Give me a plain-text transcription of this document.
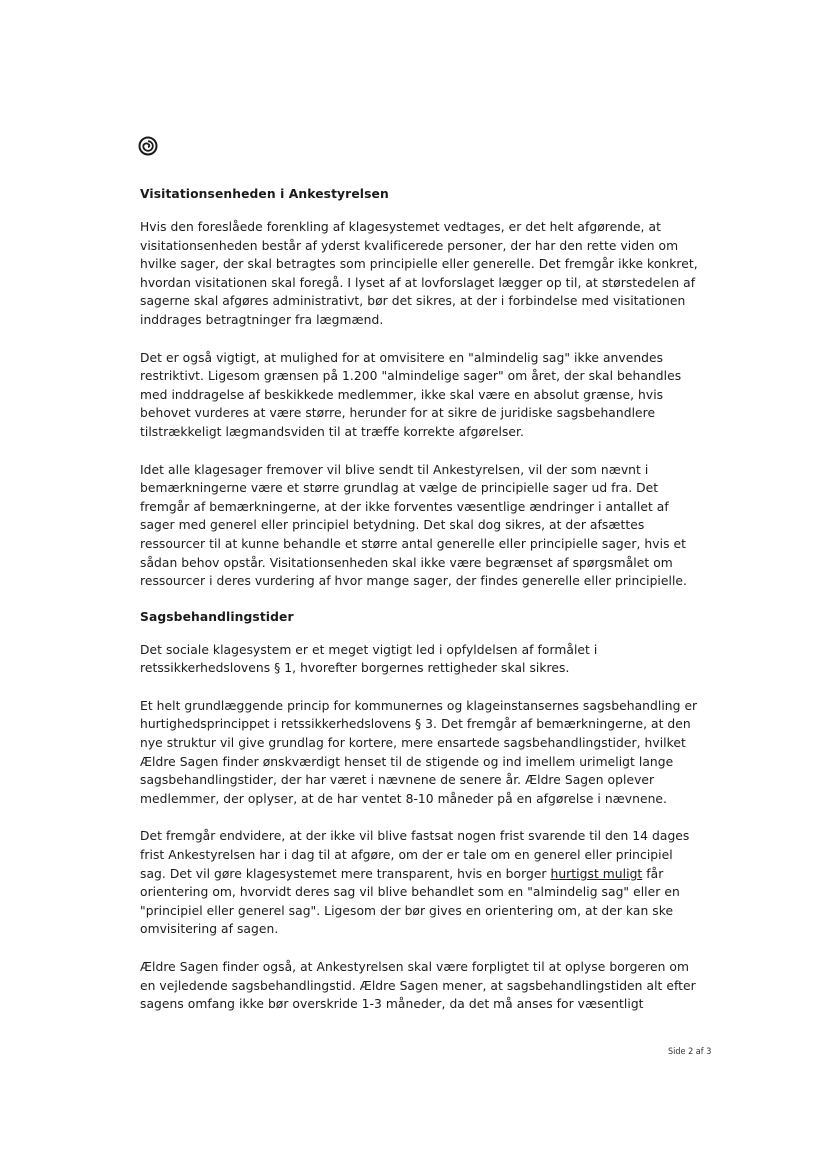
Visitationsenheden i Ankestyrelsen

Hvis den foreslåede forenkling af klagesystemet vedtages, er det helt afgørende, at visitationsenheden består af yderst kvalificerede personer, der har den rette viden om hvilke sager, der skal betragtes som principielle eller generelle. Det fremgår ikke konkret, hvordan visitationen skal foregå. I lyset af at lovforslaget lægger op til, at størstedelen af sagerne skal afgøres administrativt, bør det sikres, at der i forbindelse med visitationen inddrages betragtninger fra lægmænd.

Det er også vigtigt, at mulighed for at omvisitere en "almindelig sag" ikke anvendes restriktivt. Ligesom grænsen på 1.200 "almindelige sager" om året, der skal behandles med inddragelse af beskikkede medlemmer, ikke skal være en absolut grænse, hvis behovet vurderes at være større, herunder for at sikre de juridiske sagsbehandlere tilstrækkeligt lægmandsviden til at træffe korrekte afgørelser.

Idet alle klagesager fremover vil blive sendt til Ankestyrelsen, vil der som nævnt i bemærkningerne være et større grundlag at vælge de principielle sager ud fra. Det fremgår af bemærkningerne, at der ikke forventes væsentlige ændringer i antallet af sager med generel eller principiel betydning. Det skal dog sikres, at der afsættes ressourcer til at kunne behandle et større antal generelle eller principielle sager, hvis et sådan behov opstår. Visitationsenheden skal ikke være begrænset af spørgsmålet om ressourcer i deres vurdering af hvor mange sager, der findes generelle eller principielle.

Sagsbehandlingstider

Det sociale klagesystem er et meget vigtigt led i opfyldelsen af formålet i retssikkerhedslovens § 1, hvorefter borgernes rettigheder skal sikres.

Et helt grundlæggende princip for kommunernes og klageinstansernes sagsbehandling er hurtighedsprincippet i retssikkerhedslovens § 3. Det fremgår af bemærkningerne, at den nye struktur vil give grundlag for kortere, mere ensartede sagsbehandlingstider, hvilket Ældre Sagen finder ønskværdigt henset til de stigende og ind imellem urimeligt lange sagsbehandlingstider, der har været i nævnene de senere år. Ældre Sagen oplever medlemmer, der oplyser, at de har ventet 8-10 måneder på en afgørelse i nævnene.

Det fremgår endvidere, at der ikke vil blive fastsat nogen frist svarende til den 14 dages frist Ankestyrelsen har i dag til at afgøre, om der er tale om en generel eller principiel sag. Det vil gøre klagesystemet mere transparent, hvis en borger hurtigst muligt får orientering om, hvorvidt deres sag vil blive behandlet som en "almindelig sag" eller en "principiel eller generel sag". Ligesom der bør gives en orientering om, at der kan ske omvisitering af sagen.

Ældre Sagen finder også, at Ankestyrelsen skal være forpligtet til at oplyse borgeren om en vejledende sagsbehandlingstid. Ældre Sagen mener, at sagsbehandlingstiden alt efter sagens omfang ikke bør overskride 1-3 måneder, da det må anses for væsentligt

Side 2 af 3
